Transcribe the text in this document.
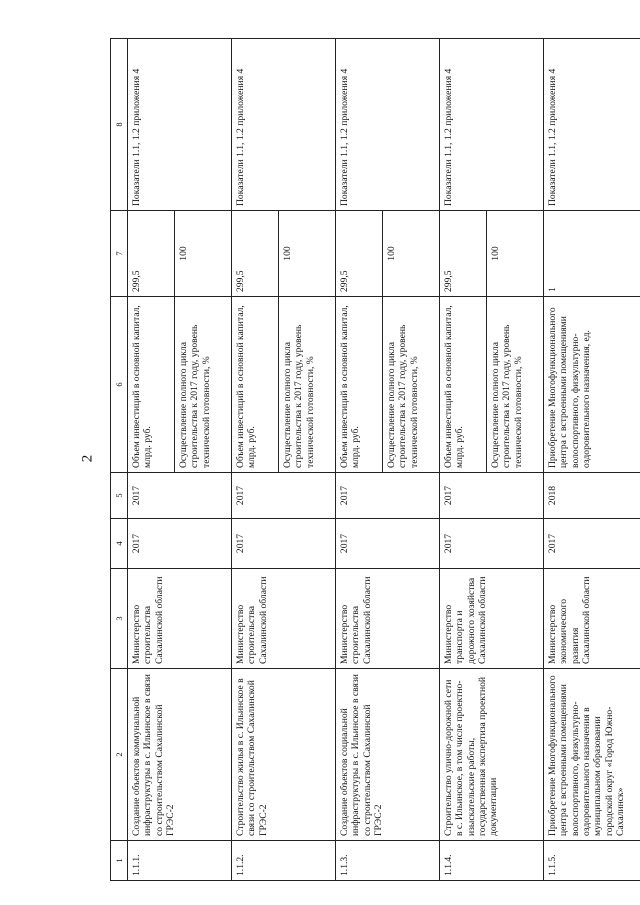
2
1	2	3	4	5	6	7	8
1.1.1.	Создание объектов коммунальной инфраструктуры в с. Ильинское в связи со строительством Сахалинской ГРЭС-2	Министерство строительства Сахалинской области	2017	2017	Объем инвестиций в основной капитал, млрд. руб.	299,5	Показатели 1.1, 1.2 приложения 4
					Осуществление полного цикла строительства к 2017 году, уровень технической готовности, %	100	
1.1.2.	Строительство жилья в с. Ильинское в связи со строительством Сахалинской ГРЭС-2	Министерство строительства Сахалинской области	2017	2017	Объем инвестиций в основной капитал, млрд. руб.	299,5	Показатели 1.1, 1.2 приложения 4
					Осуществление полного цикла строительства к 2017 году, уровень технической готовности, %	100	
1.1.3.	Создание объектов социальной инфраструктуры в с. Ильинское в связи со строительством Сахалинской ГРЭС-2	Министерство строительства Сахалинской области	2017	2017	Объем инвестиций в основной капитал, млрд. руб.	299,5	Показатели 1.1, 1.2 приложения 4
					Осуществление полного цикла строительства к 2017 году, уровень технической готовности, %	100	
1.1.4.	Строительство улично-дорожной сети в с. Ильинское, в том числе проектно-изыскательские работы, государственная экспертиза проектной документации	Министерство транспорта и дорожного хозяйства Сахалинской области	2017	2017	Объем инвестиций в основной капитал, млрд. руб.	299,5	Показатели 1.1, 1.2 приложения 4
					Осуществление полного цикла строительства к 2017 году, уровень технической готовности, %	100	
1.1.5.	Приобретение Многофункционального центра с встроенными помещениями волоспортивного, физкультурно-оздоровительного назначения в муниципальном образовании городской округ «Город Южно-Сахалинск»	Министерство экономического развития Сахалинской области	2017	2018	Приобретение Многофункционального центра с встроенными помещениями волоспортивного, физкультурно-оздоровительного назначения, ед.	1	Показатели 1.1, 1.2 приложения 4
